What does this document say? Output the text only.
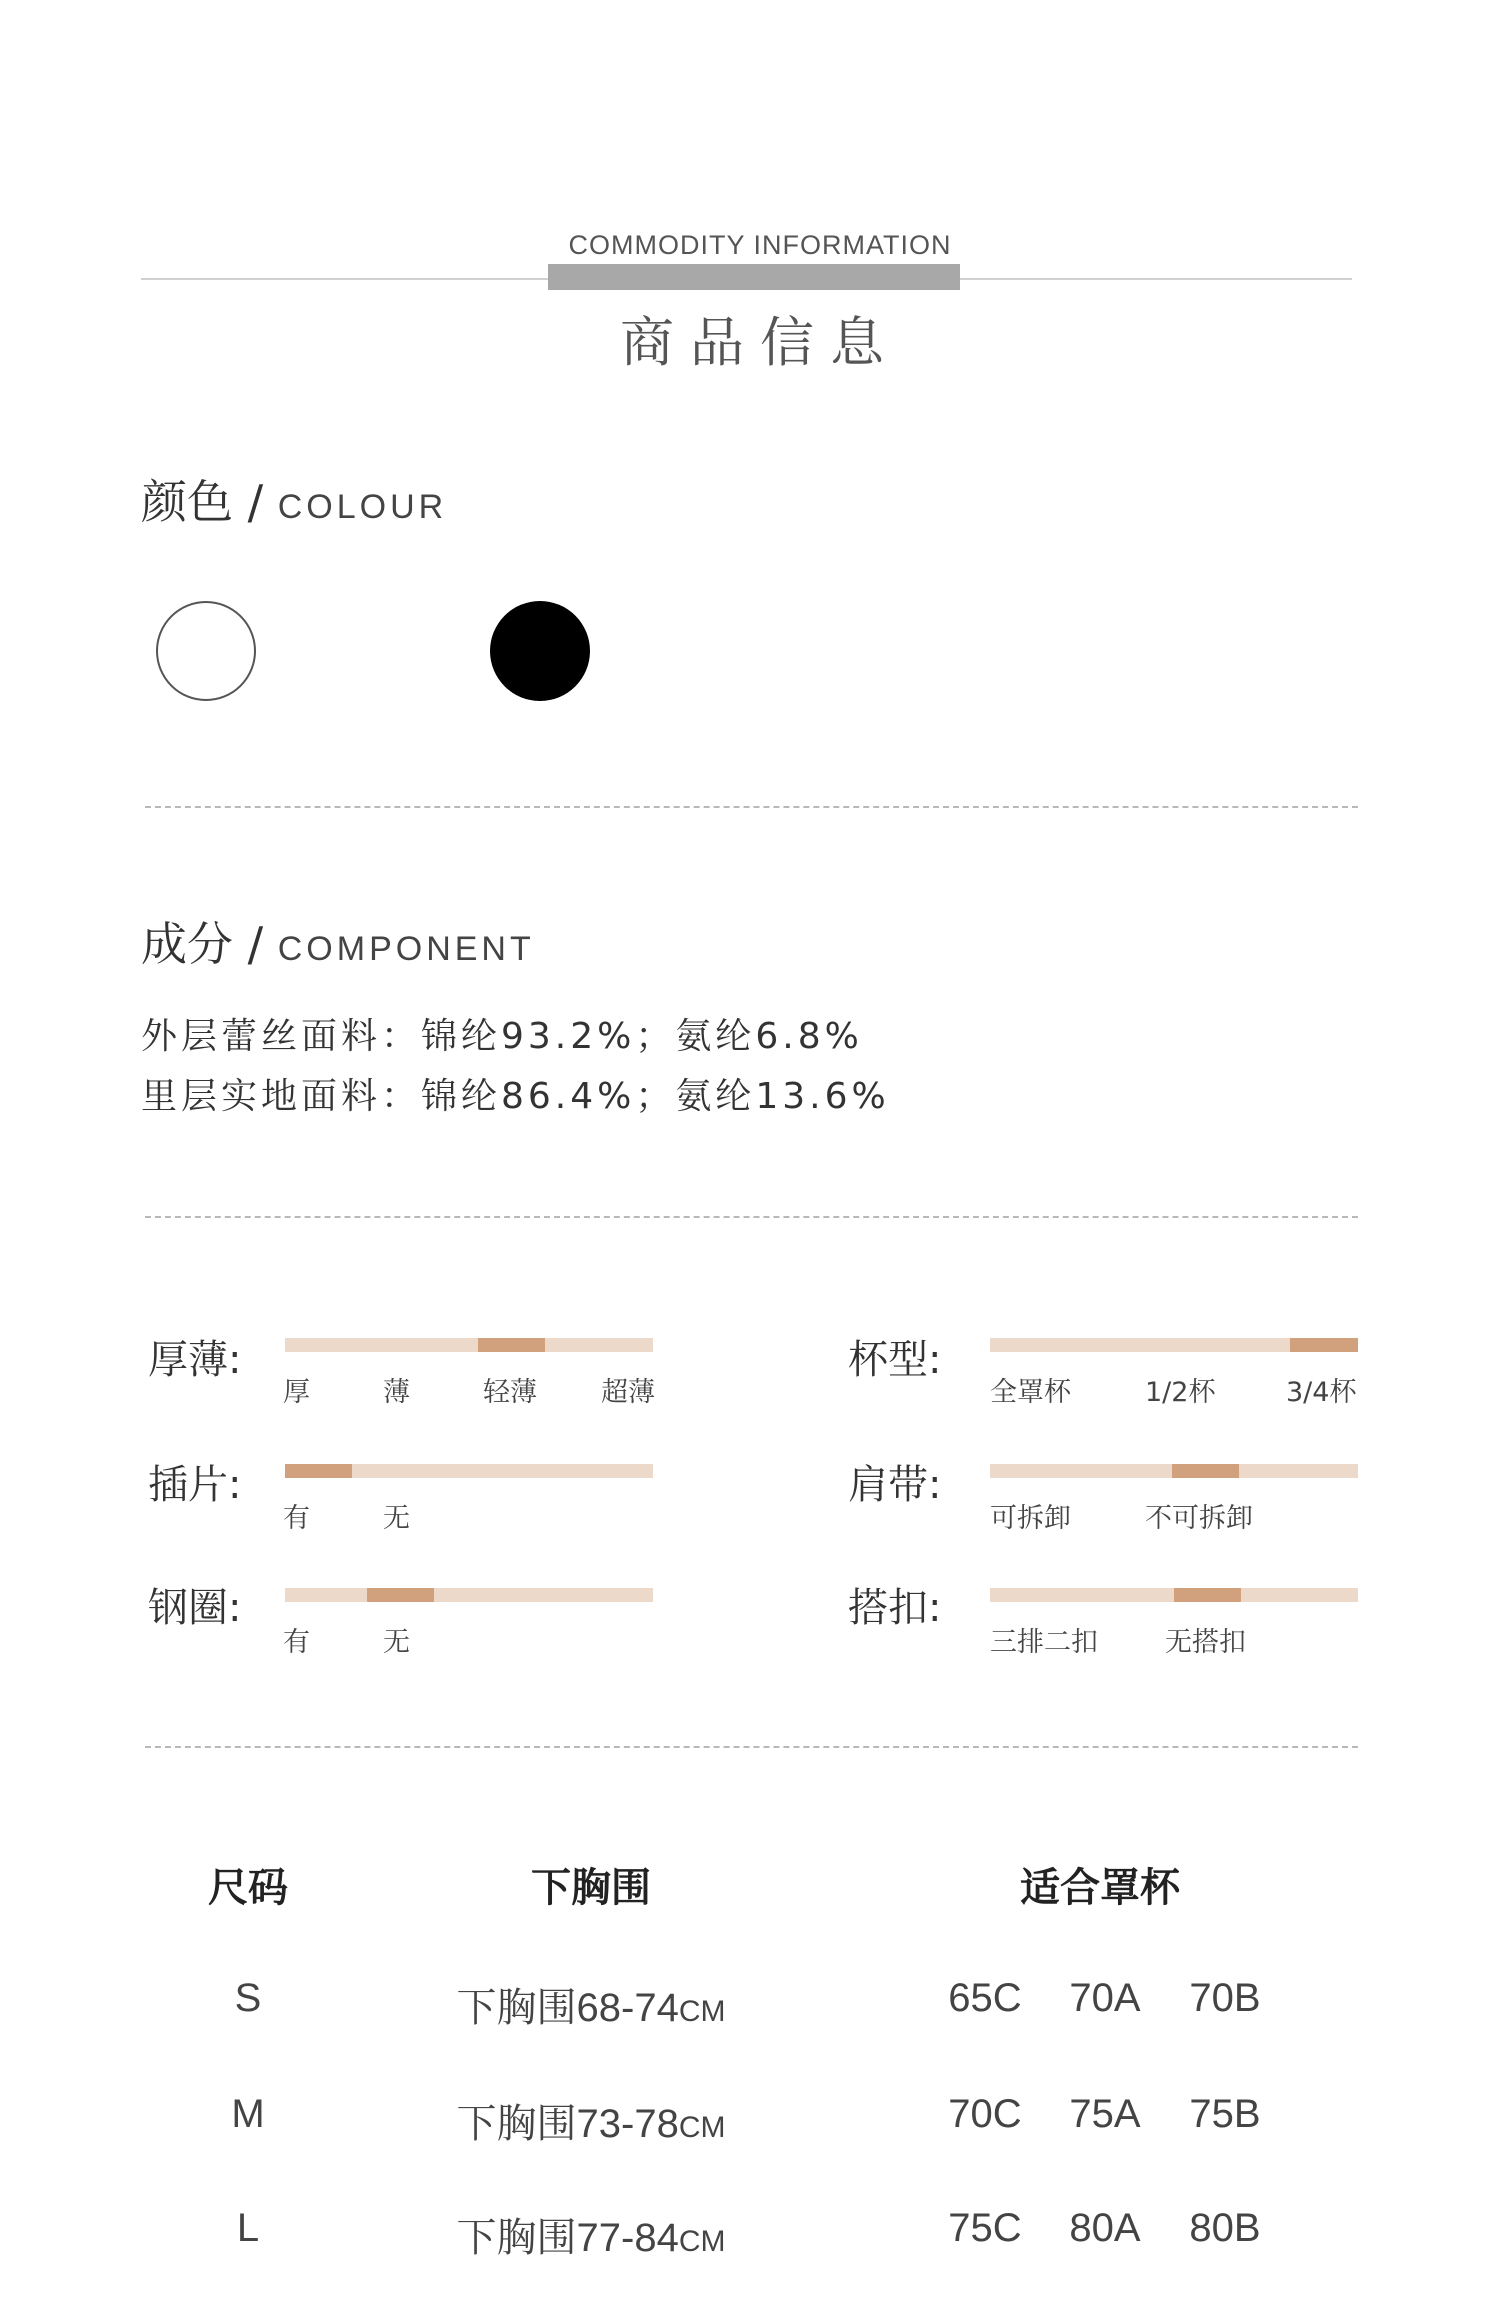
COMMODITY INFORMATION
商品信息
颜色 / COLOUR
成分 / COMPONENT
外层蕾丝面料：锦纶93.2%；氨纶6.8%
里层实地面料：锦纶86.4%；氨纶13.6%
厚薄:
厚	薄	轻薄 超薄
插片:
有	无
钢圈:
有	无
杯型:
全罩杯	1/2杯	3/4杯
肩带:
可拆卸	不可拆卸
搭扣:
三排二扣 无搭扣
尺码	下胸围	适合罩杯
S	下胸围68-74CM	65C	70A	70B
M	下胸围73-78CM	70C	75A	75B
L	下胸围77-84CM	75C	80A	80B
